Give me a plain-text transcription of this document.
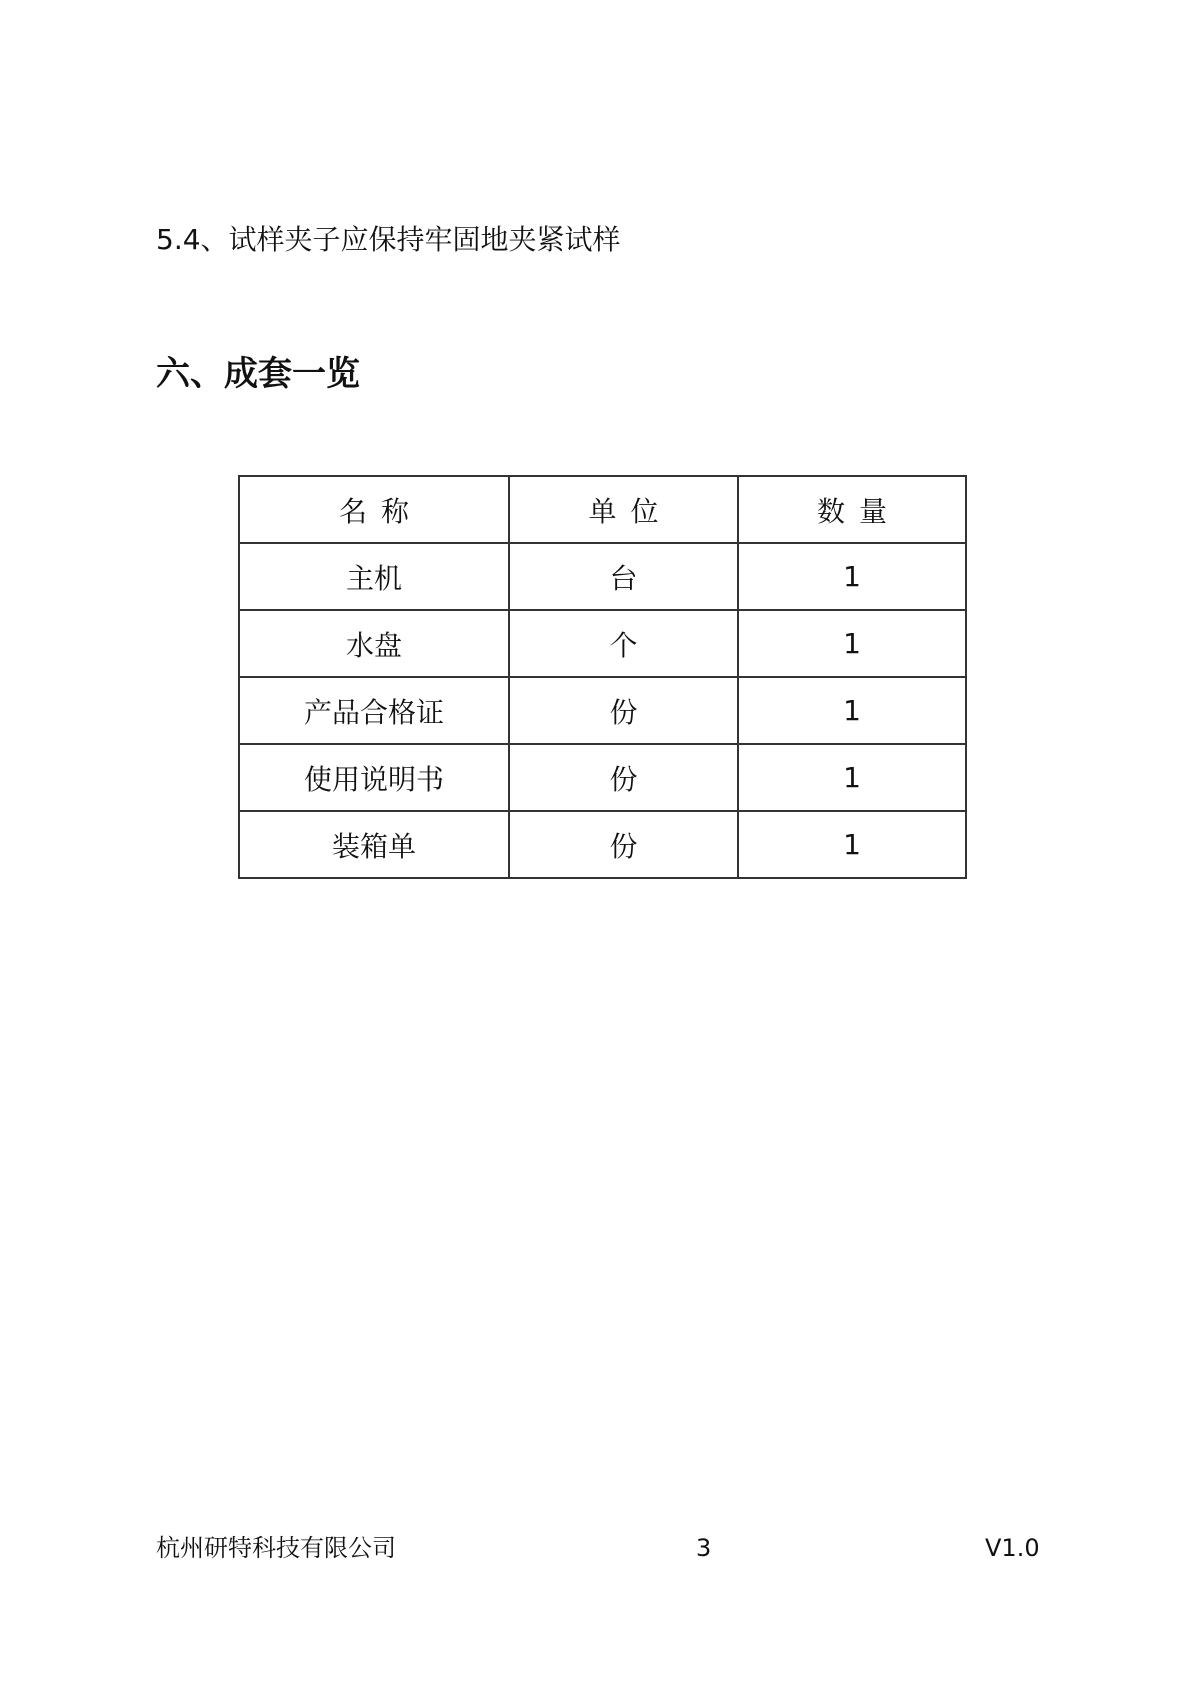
5.4、试样夹子应保持牢固地夹紧试样
六、成套一览
名称	单位	数量
主机	台	1
水盘	个	1
产品合格证	份	1
使用说明书	份	1
装箱单	份	1
杭州研特科技有限公司	3	V1.0
